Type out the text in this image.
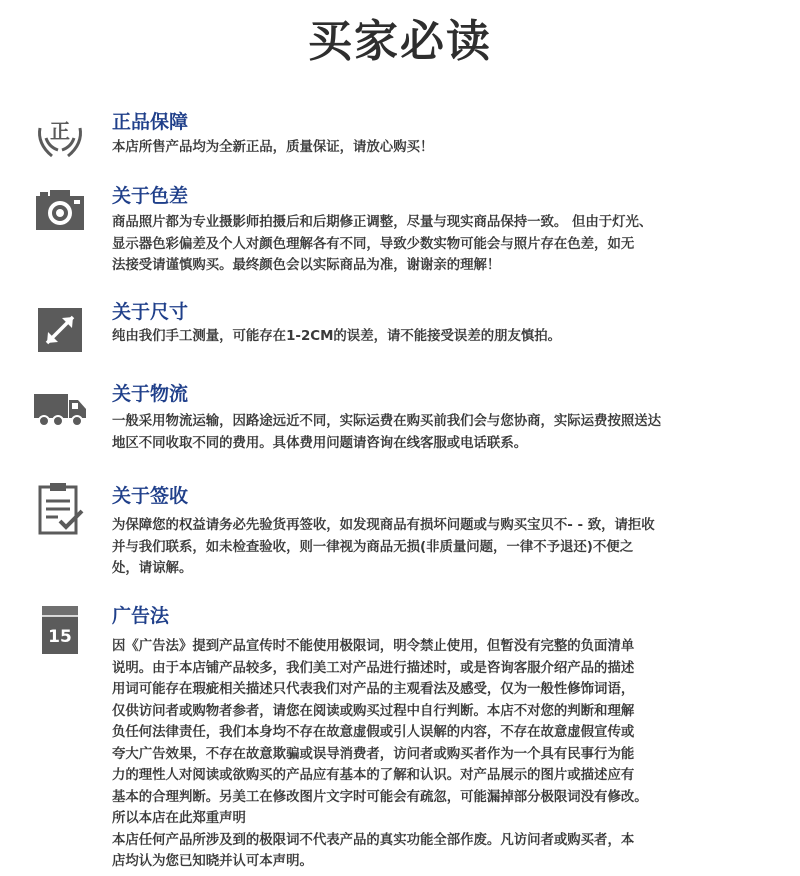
买家必读
正 正品保障

本店所售产品均为全新正品，质量保证，请放心购买！

关于色差

商品照片都为专业摄影师拍摄后和后期修正调整，尽量与现实商品保持一致。 但由于灯光、

显示器色彩偏差及个人对颜色理解各有不同，导致少数实物可能会与照片存在色差，如无

法接受请谨慎购买。最终颜色会以实际商品为准，谢谢亲的理解！

关于尺寸

纯由我们手工测量，可能存在1-2CM的误差，请不能接受误差的朋友慎拍。

关于物流

一般采用物流运输，因路途远近不同，实际运费在购买前我们会与您协商，实际运费按照送达

地区不同收取不同的费用。具体费用问题请咨询在线客服或电话联系。

关于签收

为保障您的权益请务必先验货再签收，如发现商品有损坏问题或与购买宝贝不- - 致，请拒收

并与我们联系，如未检查验收，则一律视为商品无损(非质量问题，一律不予退还)不便之

处，请谅解。

15
广告法

因《广告法》提到产品宣传时不能使用极限词，明令禁止使用，但暂没有完整的负面清单

说明。由于本店铺产品较多，我们美工对产品进行描述时，或是咨询客服介绍产品的描述

用词可能存在瑕疵相关描述只代表我们对产品的主观看法及感受，仅为一般性修饰词语，

仅供访问者或购物者参者，请您在阅读或购买过程中自行判断。本店不对您的判断和理解

负任何法律责任，我们本身均不存在故意虚假或引人误解的内容，不存在故意虚假宣传或

夸大广告效果，不存在故意欺骗或误导消费者，访问者或购买者作为一个具有民事行为能

力的理性人对阅读或欲购买的产品应有基本的了解和认识。对产品展示的图片或描述应有

基本的合理判断。另美工在修改图片文字时可能会有疏忽，可能漏掉部分极限词没有修改。

所以本店在此郑重声明

本店任何产品所涉及到的极限词不代表产品的真实功能全部作废。凡访问者或购买者，本

店均认为您已知晓并认可本声明。
